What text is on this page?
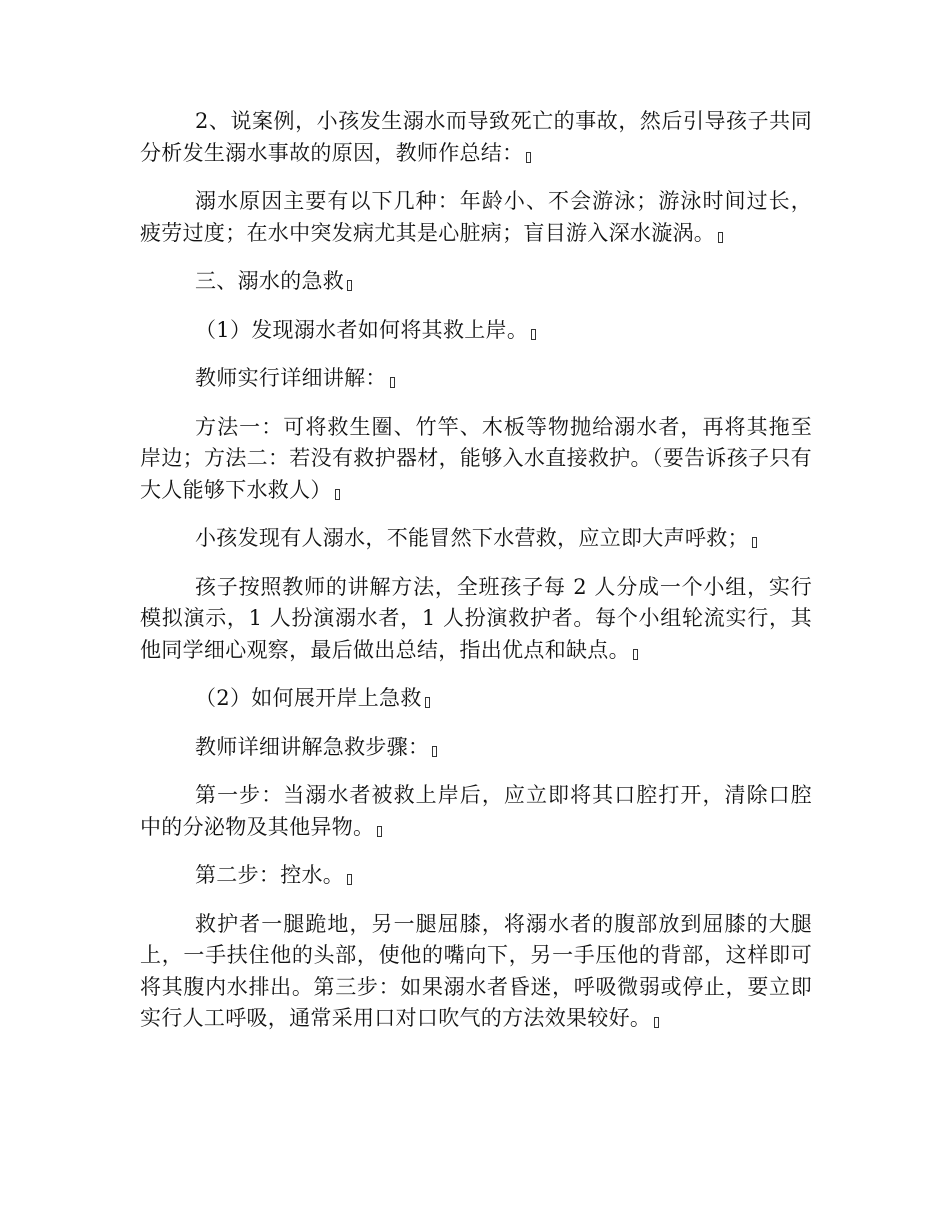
2、说案例，小孩发生溺水而导致死亡的事故，然后引导孩子共同分析发生溺水事故的原因，教师作总结：

溺水原因主要有以下几种：年龄小、不会游泳；游泳时间过长，疲劳过度；在水中突发病尤其是心脏病；盲目游入深水漩涡。

三、溺水的急救

（1）发现溺水者如何将其救上岸。

教师实行详细讲解：

方法一：可将救生圈、竹竿、木板等物抛给溺水者，再将其拖至岸边；方法二：若没有救护器材，能够入水直接救护。（要告诉孩子只有大人能够下水救人）

小孩发现有人溺水，不能冒然下水营救，应立即大声呼救；

孩子按照教师的讲解方法，全班孩子每 2 人分成一个小组，实行模拟演示，1 人扮演溺水者，1 人扮演救护者。每个小组轮流实行，其他同学细心观察，最后做出总结，指出优点和缺点。

（2）如何展开岸上急救

教师详细讲解急救步骤：

第一步：当溺水者被救上岸后，应立即将其口腔打开，清除口腔中的分泌物及其他异物。

第二步：控水。

救护者一腿跪地，另一腿屈膝，将溺水者的腹部放到屈膝的大腿上，一手扶住他的头部，使他的嘴向下，另一手压他的背部，这样即可将其腹内水排出。第三步：如果溺水者昏迷，呼吸微弱或停止，要立即实行人工呼吸，通常采用口对口吹气的方法效果较好。
